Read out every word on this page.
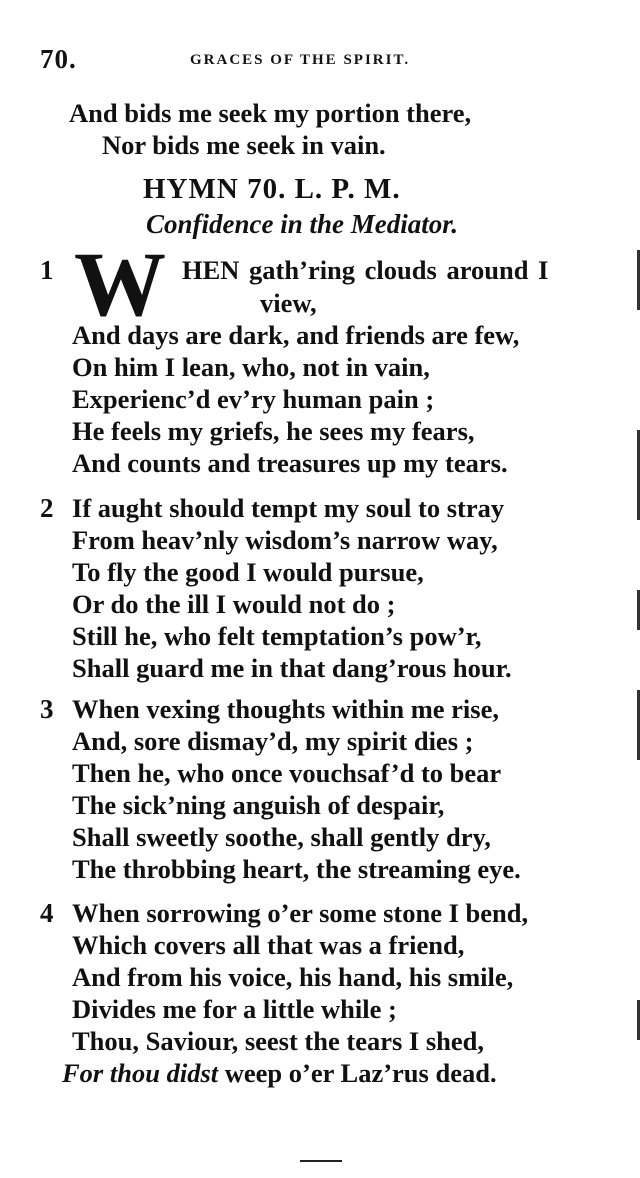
70.	GRACES OF THE SPIRIT.
And bids me seek my portion there,
Nor bids me seek in vain.
HYMN 70. L. P. M.
Confidence in the Mediator.
1 W HEN gath’ring clouds around I
view,
And days are dark, and friends are few,
On him I lean, who, not in vain,
Experienc’d ev’ry human pain ;
He feels my griefs, he sees my fears,
And counts and treasures up my tears.
2 If aught should tempt my soul to stray
From heav’nly wisdom’s narrow way,
To fly the good I would pursue,
Or do the ill I would not do ;
Still he, who felt temptation’s pow’r,
Shall guard me in that dang’rous hour.
3 When vexing thoughts within me rise,
And, sore dismay’d, my spirit dies ;
Then he, who once vouchsaf’d to bear
The sick’ning anguish of despair,
Shall sweetly soothe, shall gently dry,
The throbbing heart, the streaming eye.
4 When sorrowing o’er some stone I bend,
Which covers all that was a friend,
And from his voice, his hand, his smile,
Divides me for a little while ;
Thou, Saviour, seest the tears I shed,
For thou didst weep o’er Laz’rus dead.
